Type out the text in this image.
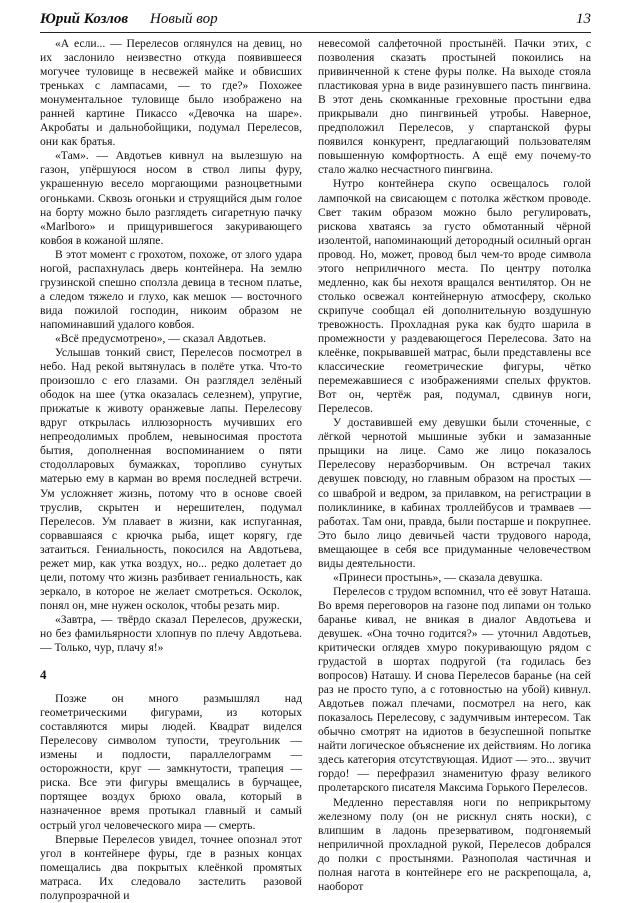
Юрий Козлов Новый вор	13

«А если... — Перелесов оглянулся на девиц, но их заслонило неизвестно откуда появившееся могучее туловище в несвежей майке и обвисших треньках с лампасами, — то где?» Похожее монументальное туловище было изображено на ранней картине Пикассо «Девочка на шаре». Акробаты и дальнобойщики, подумал Перелесов, они как братья.

«Там». — Авдотьев кивнул на вылезшую на газон, упёршуюся носом в ствол липы фуру, украшенную весело моргающими разноцветными огоньками. Сквозь огоньки и струящийся дым голое на борту можно было разглядеть сигаретную пачку «Marlboro» и прищурившегося закуривающего ковбоя в кожаной шляпе.

В этот момент с грохотом, похоже, от злого удара ногой, распахнулась дверь контейнера. На землю грузинской спешно сползла девица в тесном платье, а следом тяжело и глухо, как мешок — восточного вида пожилой господин, никоим образом не напоминавший удалого ковбоя.

«Всё предусмотрено», — сказал Авдотьев.

Услышав тонкий свист, Перелесов посмотрел в небо. Над рекой вытянулась в полёте утка. Что-то произошло с его глазами. Он разглядел зелёный ободок на шее (утка оказалась селезнем), упругие, прижатые к животу оранжевые лапы. Перелесову вдруг открылась иллюзорность мучивших его непреодолимых проблем, невыносимая простота бытия, дополненная воспоминанием о пяти стодолларовых бумажках, торопливо сунутых матерью ему в карман во время последней встречи. Ум усложняет жизнь, потому что в основе своей труслив, скрытен и нерешителен, подумал Перелесов. Ум плавает в жизни, как испуганная, сорвавшаяся с крючка рыба, ищет корягу, где затаиться. Гениальность, покосился на Авдотьева, режет мир, как утка воздух, но... редко долетает до цели, потому что жизнь разбивает гениальность, как зеркало, в которое не желает смотреться. Осколок, понял он, мне нужен осколок, чтобы резать мир.

«Завтра, — твёрдо сказал Перелесов, дружески, но без фамильярности хлопнув по плечу Авдотьева. — Только, чур, плачу я!»

4

Позже он много размышлял над геометрическими фигурами, из которых составляются миры людей. Квадрат виделся Перелесову символом тупости, треугольник — измены и подлости, параллелограмм — осторожности, круг — замкнутости, трапеция — риска. Все эти фигуры вмещались в бурчащее, портящее воздух брюхо овала, который в назначенное время протыкал главный и самый острый угол человеческого мира — смерть.

Впервые Перелесов увидел, точнее опознал этот угол в контейнере фуры, где в разных концах помещались два покрытых клеёнкой промятых матраса. Их следовало застелить разовой полупрозрачной и

невесомой салфеточной простынёй. Пачки этих, с позволения сказать простыней покоились на привинченной к стене фуры полке. На выходе стояла пластиковая урна в виде разинувшего пасть пингвина. В этот день скомканные греховные простыни едва прикрывали дно пингвиньей утробы. Наверное, предположил Перелесов, у спартанской фуры появился конкурент, предлагающий пользователям повышенную комфортность. А ещё ему почему-то стало жалко несчастного пингвина.

Нутро контейнера скупо освещалось голой лампочкой на свисающем с потолка жёстком проводе. Свет таким образом можно было регулировать, рискова хватаясь за густо обмотанный чёрной изолентой, напоминающий детородный осилный орган провод. Но, может, провод был чем-то вроде символа этого неприличного места. По центру потолка медленно, как бы нехотя вращался вентилятор. Он не столько освежал контейнерную атмосферу, сколько скрипуче сообщал ей дополнительную воздушную тревожность. Прохладная рука как будто шарила в промежности у раздевающегося Перелесова. Зато на клеёнке, покрывавшей матрас, были представлены все классические геометрические фигуры, чётко перемежавшиеся с изображениями спелых фруктов. Вот он, чертёж рая, подумал, сдвинув ноги, Перелесов.

У доставившей ему девушки были сточенные, с лёгкой чернотой мышиные зубки и замазанные прыщики на лице. Само же лицо показалось Перелесову неразборчивым. Он встречал таких девушек повсюду, но главным образом на простых — со шваброй и ведром, за прилавком, на регистрации в поликлинике, в кабинах троллейбусов и трамваев — работах. Там они, правда, были постарше и покрупнее. Это было лицо девичьей части трудового народа, вмещающее в себя все придуманные человечеством виды деятельности.

«Принеси простынь», — сказала девушка.

Перелесов с трудом вспомнил, что её зовут Наташа. Во время переговоров на газоне под липами он только баранье кивал, не вникая в диалог Авдотьева и девушек. «Она точно годится?» — уточнил Авдотьев, критически оглядев хмуро покуривающую рядом с грудастой в шортах подругой (та годилась без вопросов) Наташу. И снова Перелесов баранье (на сей раз не просто тупо, а с готовностью на убой) кивнул. Авдотьев пожал плечами, посмотрел на него, как показалось Перелесову, с задумчивым интересом. Так обычно смотрят на идиотов в безуспешной попытке найти логическое объяснение их действиям. Но логика здесь категория отсутствующая. Идиот — это... звучит гордо! — перефразил знаменитую фразу великого пролетарского писателя Максима Горького Перелесов.

Медленно переставляя ноги по неприкрытому железному полу (он не рискнул снять носки), с влипшим в ладонь презервативом, подгоняемый неприличной прохладной рукой, Перелесов добрался до полки с простынями. Разнополая частичная и полная нагота в контейнере его не раскрепощала, а, наоборот
